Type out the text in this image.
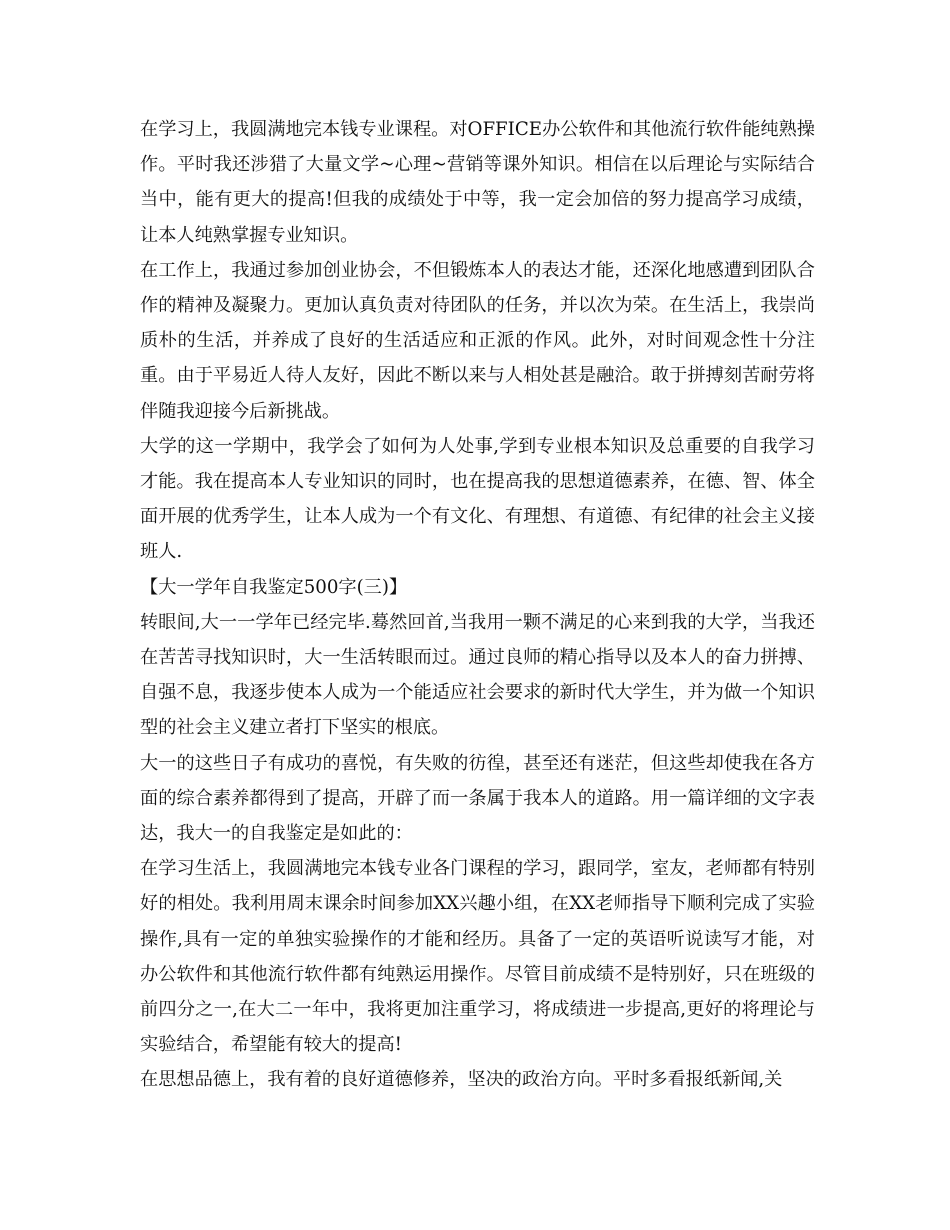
在学习上，我圆满地完本钱专业课程。对OFFICE办公软件和其他流行软件能纯熟操作。平时我还涉猎了大量文学~心理~营销等课外知识。相信在以后理论与实际结合当中，能有更大的提高!但我的成绩处于中等，我一定会加倍的努力提高学习成绩，让本人纯熟掌握专业知识。

在工作上，我通过参加创业协会，不但锻炼本人的表达才能，还深化地感遭到团队合作的精神及凝聚力。更加认真负责对待团队的任务，并以次为荣。在生活上，我崇尚质朴的生活，并养成了良好的生活适应和正派的作风。此外，对时间观念性十分注重。由于平易近人待人友好，因此不断以来与人相处甚是融洽。敢于拼搏刻苦耐劳将伴随我迎接今后新挑战。

大学的这一学期中，我学会了如何为人处事,学到专业根本知识及总重要的自我学习才能。我在提高本人专业知识的同时，也在提高我的思想道德素养，在德、智、体全面开展的优秀学生，让本人成为一个有文化、有理想、有道德、有纪律的社会主义接班人.

【大一学年自我鉴定500字(三)】

转眼间,大一一学年已经完毕.蓦然回首,当我用一颗不满足的心来到我的大学，当我还在苦苦寻找知识时，大一生活转眼而过。通过良师的精心指导以及本人的奋力拼搏、自强不息，我逐步使本人成为一个能适应社会要求的新时代大学生，并为做一个知识型的社会主义建立者打下坚实的根底。

大一的这些日子有成功的喜悦，有失败的彷徨，甚至还有迷茫，但这些却使我在各方面的综合素养都得到了提高，开辟了而一条属于我本人的道路。用一篇详细的文字表达，我大一的自我鉴定是如此的：

在学习生活上，我圆满地完本钱专业各门课程的学习，跟同学，室友，老师都有特别好的相处。我利用周末课余时间参加XX兴趣小组，在XX老师指导下顺利完成了实验操作,具有一定的单独实验操作的才能和经历。具备了一定的英语听说读写才能，对办公软件和其他流行软件都有纯熟运用操作。尽管目前成绩不是特别好，只在班级的前四分之一,在大二一年中，我将更加注重学习，将成绩进一步提高,更好的将理论与实验结合，希望能有较大的提高!

在思想品德上，我有着的良好道德修养，坚决的政治方向。平时多看报纸新闻,关
